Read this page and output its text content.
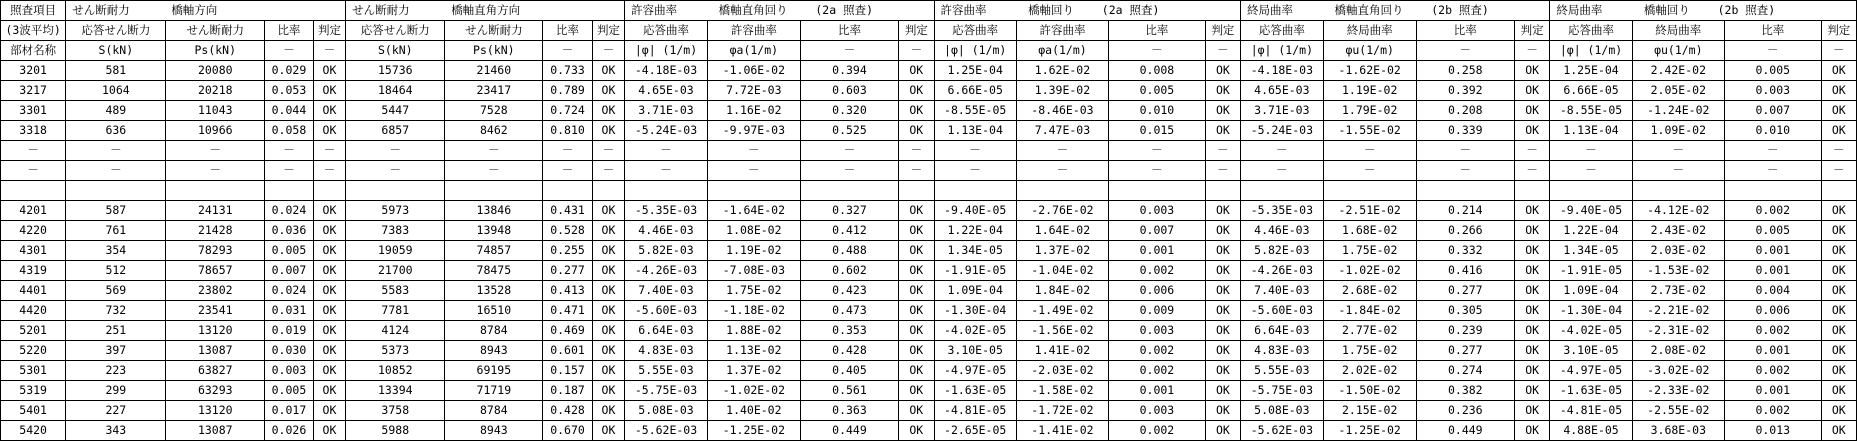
照査項目	せん断耐力 橋軸方向				せん断耐力 橋軸直角方向				許容曲率 橋軸直角回り (2a 照査)				許容曲率 橋軸回り (2a 照査)				終局曲率 橋軸直角回り (2b 照査)				終局曲率 橋軸回り (2b 照査)			
(3波平均)	応答せん断力	せん断耐力	比率	判定	応答せん断力	せん断耐力	比率	判定	応答曲率	許容曲率	比率	判定	応答曲率	許容曲率	比率	判定	応答曲率	終局曲率	比率	判定	応答曲率	終局曲率	比率	判定
部材名称	S(kN)	Ps(kN)	－	－	S(kN)	Ps(kN)	－	－	|φ| (1/m)	φa(1/m)	－	－	|φ| (1/m)	φa(1/m)	－	－	|φ| (1/m)	φu(1/m)	－	－	|φ| (1/m)	φu(1/m)	－	－
3201	581	20080	0.029	OK	15736	21460	0.733	OK	-4.18E-03	-1.06E-02	0.394	OK	1.25E-04	1.62E-02	0.008	OK	-4.18E-03	-1.62E-02	0.258	OK	1.25E-04	2.42E-02	0.005	OK
3217	1064	20218	0.053	OK	18464	23417	0.789	OK	4.65E-03	7.72E-03	0.603	OK	6.66E-05	1.39E-02	0.005	OK	4.65E-03	1.19E-02	0.392	OK	6.66E-05	2.05E-02	0.003	OK
3301	489	11043	0.044	OK	5447	7528	0.724	OK	3.71E-03	1.16E-02	0.320	OK	-8.55E-05	-8.46E-03	0.010	OK	3.71E-03	1.79E-02	0.208	OK	-8.55E-05	-1.24E-02	0.007	OK
3318	636	10966	0.058	OK	6857	8462	0.810	OK	-5.24E-03	-9.97E-03	0.525	OK	1.13E-04	7.47E-03	0.015	OK	-5.24E-03	-1.55E-02	0.339	OK	1.13E-04	1.09E-02	0.010	OK
－	－	－	－	－	－	－	－	－	－	－	－	－	－	－	－	－	－	－	－	－	－	－	－	－
－	－	－	－	－	－	－	－	－	－	－	－	－	－	－	－	－	－	－	－	－	－	－	－	－

4201	587	24131	0.024	OK	5973	13846	0.431	OK	-5.35E-03	-1.64E-02	0.327	OK	-9.40E-05	-2.76E-02	0.003	OK	-5.35E-03	-2.51E-02	0.214	OK	-9.40E-05	-4.12E-02	0.002	OK
4220	761	21428	0.036	OK	7383	13948	0.528	OK	4.46E-03	1.08E-02	0.412	OK	1.22E-04	1.64E-02	0.007	OK	4.46E-03	1.68E-02	0.266	OK	1.22E-04	2.43E-02	0.005	OK
4301	354	78293	0.005	OK	19059	74857	0.255	OK	5.82E-03	1.19E-02	0.488	OK	1.34E-05	1.37E-02	0.001	OK	5.82E-03	1.75E-02	0.332	OK	1.34E-05	2.03E-02	0.001	OK
4319	512	78657	0.007	OK	21700	78475	0.277	OK	-4.26E-03	-7.08E-03	0.602	OK	-1.91E-05	-1.04E-02	0.002	OK	-4.26E-03	-1.02E-02	0.416	OK	-1.91E-05	-1.53E-02	0.001	OK
4401	569	23802	0.024	OK	5583	13528	0.413	OK	7.40E-03	1.75E-02	0.423	OK	1.09E-04	1.84E-02	0.006	OK	7.40E-03	2.68E-02	0.277	OK	1.09E-04	2.73E-02	0.004	OK
4420	732	23541	0.031	OK	7781	16510	0.471	OK	-5.60E-03	-1.18E-02	0.473	OK	-1.30E-04	-1.49E-02	0.009	OK	-5.60E-03	-1.84E-02	0.305	OK	-1.30E-04	-2.21E-02	0.006	OK
5201	251	13120	0.019	OK	4124	8784	0.469	OK	6.64E-03	1.88E-02	0.353	OK	-4.02E-05	-1.56E-02	0.003	OK	6.64E-03	2.77E-02	0.239	OK	-4.02E-05	-2.31E-02	0.002	OK
5220	397	13087	0.030	OK	5373	8943	0.601	OK	4.83E-03	1.13E-02	0.428	OK	3.10E-05	1.41E-02	0.002	OK	4.83E-03	1.75E-02	0.277	OK	3.10E-05	2.08E-02	0.001	OK
5301	223	63827	0.003	OK	10852	69195	0.157	OK	5.55E-03	1.37E-02	0.405	OK	-4.97E-05	-2.03E-02	0.002	OK	5.55E-03	2.02E-02	0.274	OK	-4.97E-05	-3.02E-02	0.002	OK
5319	299	63293	0.005	OK	13394	71719	0.187	OK	-5.75E-03	-1.02E-02	0.561	OK	-1.63E-05	-1.58E-02	0.001	OK	-5.75E-03	-1.50E-02	0.382	OK	-1.63E-05	-2.33E-02	0.001	OK
5401	227	13120	0.017	OK	3758	8784	0.428	OK	5.08E-03	1.40E-02	0.363	OK	-4.81E-05	-1.72E-02	0.003	OK	5.08E-03	2.15E-02	0.236	OK	-4.81E-05	-2.55E-02	0.002	OK
5420	343	13087	0.026	OK	5988	8943	0.670	OK	-5.62E-03	-1.25E-02	0.449	OK	-2.65E-05	-1.41E-02	0.002	OK	-5.62E-03	-1.25E-02	0.449	OK	4.88E-05	3.68E-03	0.013	OK
